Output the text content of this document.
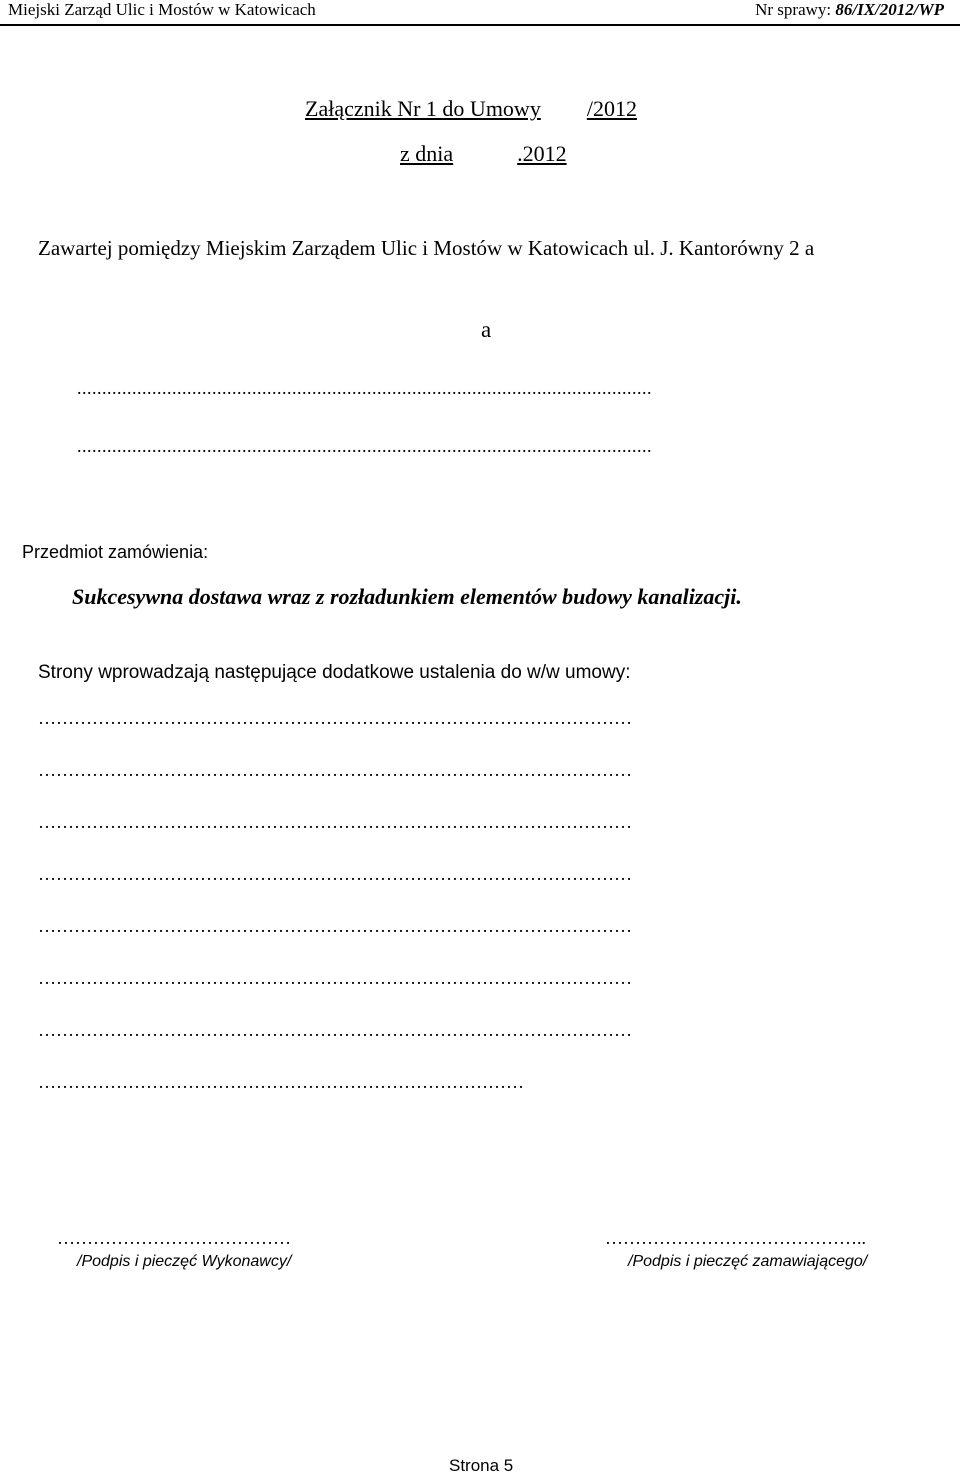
Miejski Zarząd Ulic i Mostów w Katowicach	Nr sprawy: 86/IX/2012/WP
Załącznik Nr 1 do Umowy /2012
z dnia	.2012
Zawartej pomiędzy Miejskim Zarządem Ulic i Mostów w Katowicach ul. J. Kantorówny 2 a
a
...................................................................................................................
...................................................................................................................
Przedmiot zamówienia:
Sukcesywna dostawa wraz z rozładunkiem elementów budowy kanalizacji.
Strony wprowadzają następujące dodatkowe ustalenia do w/w umowy:
………………………………………………………………………………………
………………………………………………………………………………………
………………………………………………………………………………………
………………………………………………………………………………………
………………………………………………………………………………………
………………………………………………………………………………………
………………………………………………………………………………………
………………………………………………………………………
…………………………………	……………………………………..
/Podpis i pieczęć Wykonawcy/	/Podpis i pieczęć zamawiającego/
Strona 5
